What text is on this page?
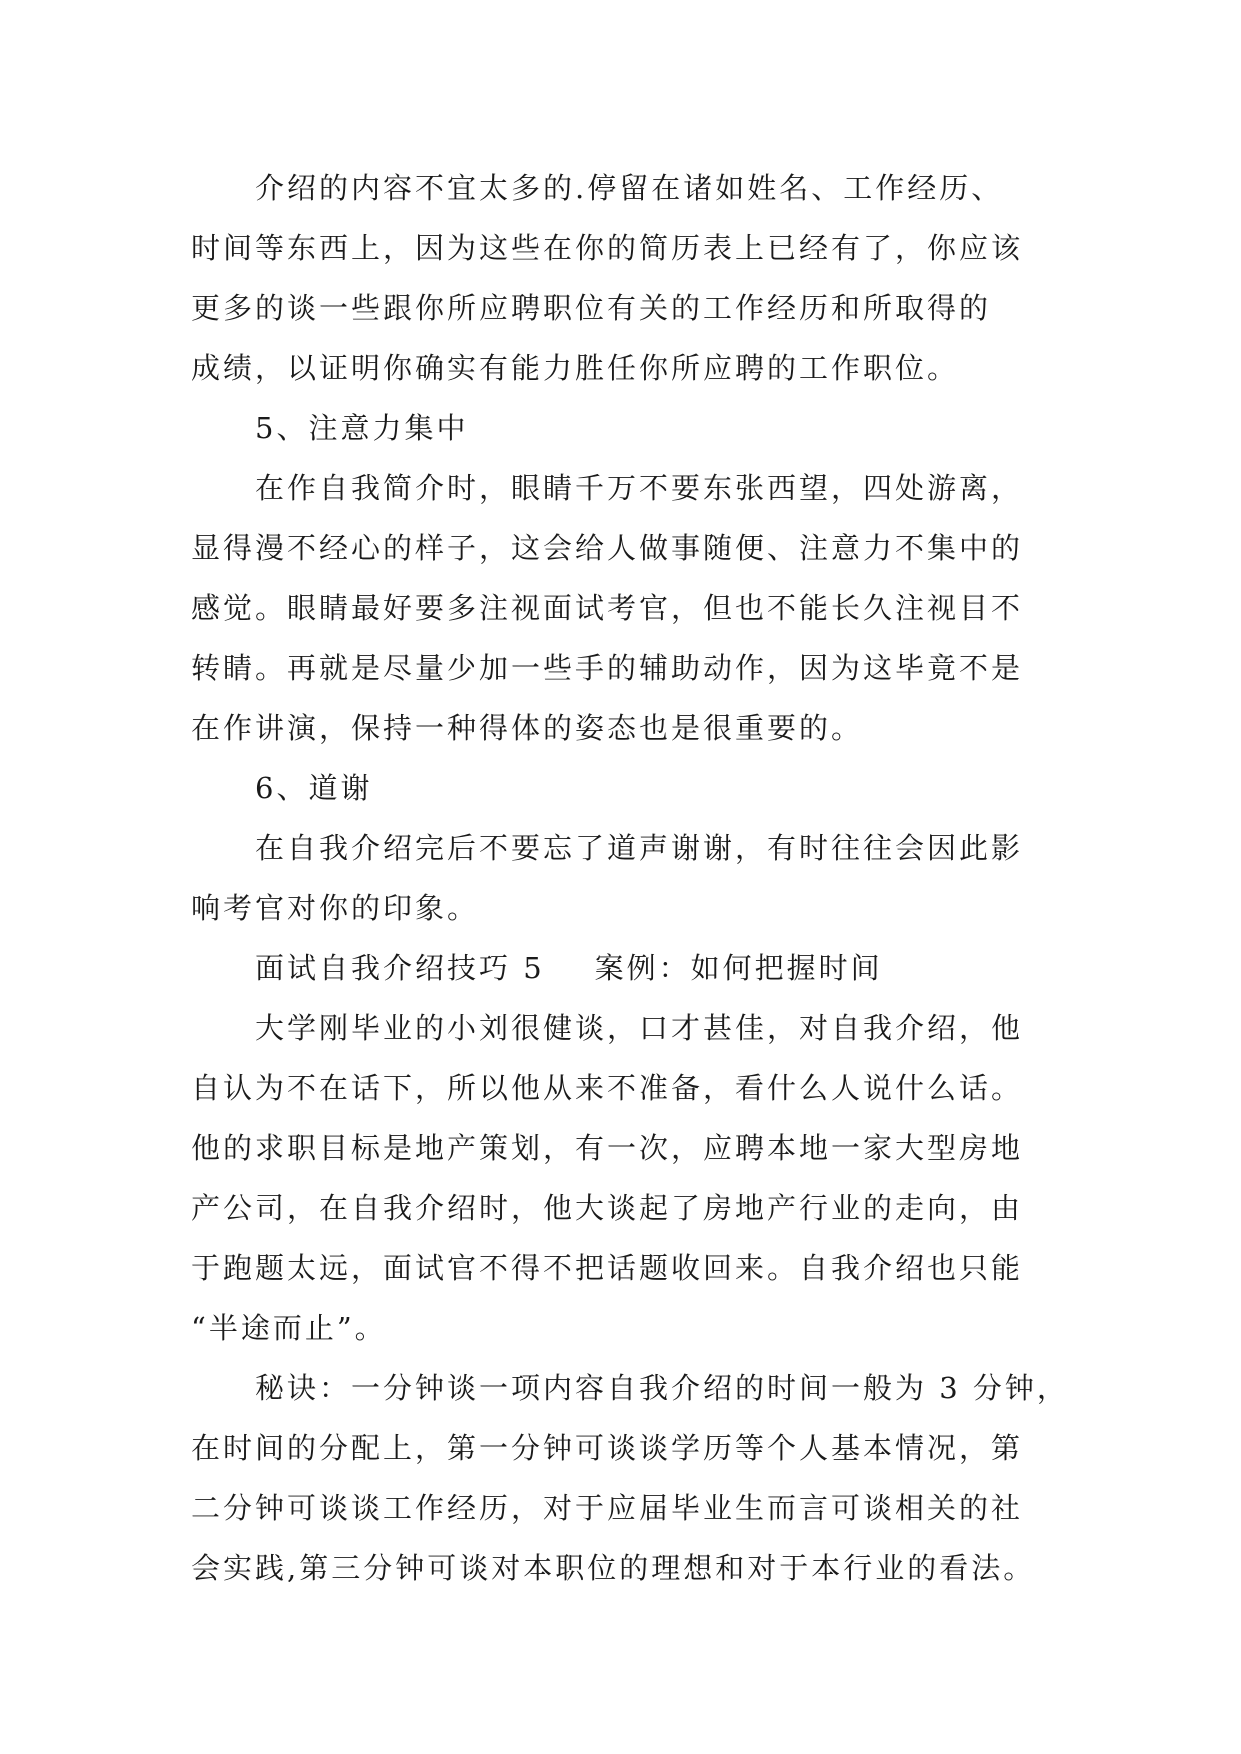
介绍的内容不宜太多的.停留在诸如姓名、工作经历、
时间等东西上，因为这些在你的简历表上已经有了，你应该
更多的谈一些跟你所应聘职位有关的工作经历和所取得的
成绩，以证明你确实有能力胜任你所应聘的工作职位。
5、注意力集中
在作自我简介时，眼睛千万不要东张西望，四处游离，
显得漫不经心的样子，这会给人做事随便、注意力不集中的
感觉。眼睛最好要多注视面试考官，但也不能长久注视目不
转睛。再就是尽量少加一些手的辅助动作，因为这毕竟不是
在作讲演，保持一种得体的姿态也是很重要的。
6、道谢
在自我介绍完后不要忘了道声谢谢，有时往往会因此影
响考官对你的印象。
面试自我介绍技巧 5 案例：如何把握时间
大学刚毕业的小刘很健谈，口才甚佳，对自我介绍，他
自认为不在话下，所以他从来不准备，看什么人说什么话。
他的求职目标是地产策划，有一次，应聘本地一家大型房地
产公司，在自我介绍时，他大谈起了房地产行业的走向，由
于跑题太远，面试官不得不把话题收回来。自我介绍也只能
“半途而止”。
秘诀：一分钟谈一项内容自我介绍的时间一般为 3 分钟，
在时间的分配上，第一分钟可谈谈学历等个人基本情况，第
二分钟可谈谈工作经历，对于应届毕业生而言可谈相关的社
会实践,第三分钟可谈对本职位的理想和对于本行业的看法。
